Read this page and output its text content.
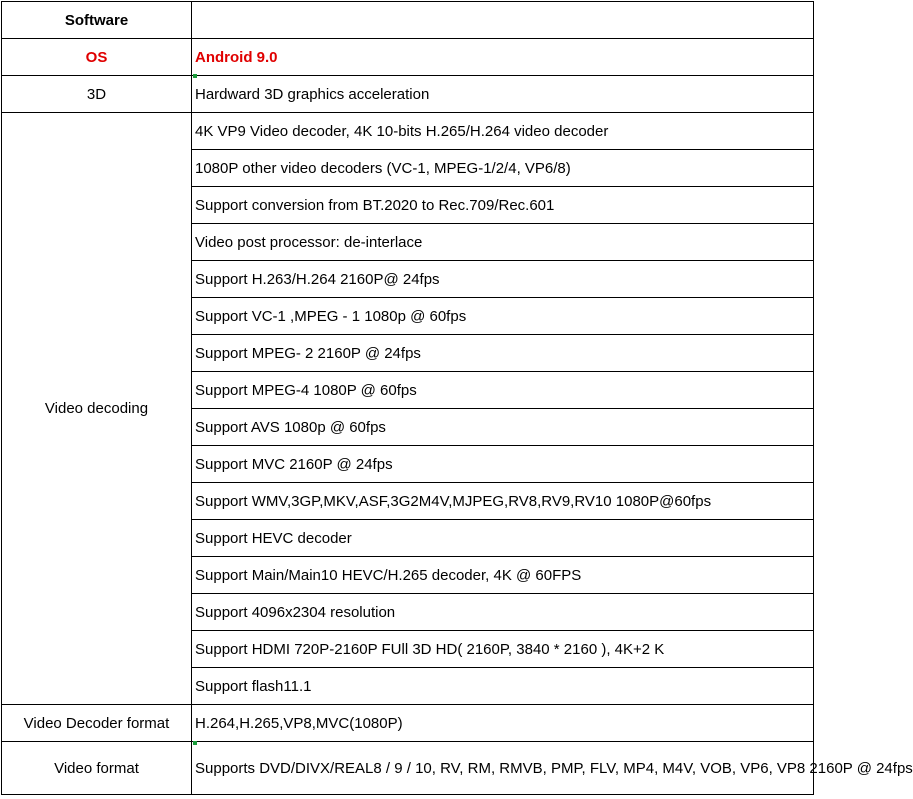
Software	
OS	Android 9.0
3D	Hardward 3D graphics acceleration
Video decoding	4K VP9 Video decoder, 4K 10-bits H.265/H.264 video decoder
	1080P other video decoders (VC-1, MPEG-1/2/4, VP6/8)
	Support conversion from BT.2020 to Rec.709/Rec.601
	Video post processor: de-interlace
	Support H.263/H.264 2160P@ 24fps
	Support VC-1 ,MPEG - 1 1080p @ 60fps
	Support MPEG- 2 2160P @ 24fps
	Support MPEG-4 1080P @ 60fps
	Support AVS 1080p @ 60fps
	Support MVC 2160P @ 24fps
	Support WMV,3GP,MKV,ASF,3G2M4V,MJPEG,RV8,RV9,RV10 1080P@60fps
	Support HEVC decoder
	Support Main/Main10 HEVC/H.265 decoder, 4K @ 60FPS
	Support 4096x2304 resolution
	Support HDMI 720P-2160P FUll 3D HD( 2160P, 3840 * 2160 ), 4K+2 K
	Support flash11.1
Video Decoder format	H.264,H.265,VP8,MVC(1080P)
Video format	Supports DVD/DIVX/REAL8 / 9 / 10, RV, RM, RMVB, PMP, FLV, MP4, M4V, VOB, VP6, VP8 2160P @ 24fps
